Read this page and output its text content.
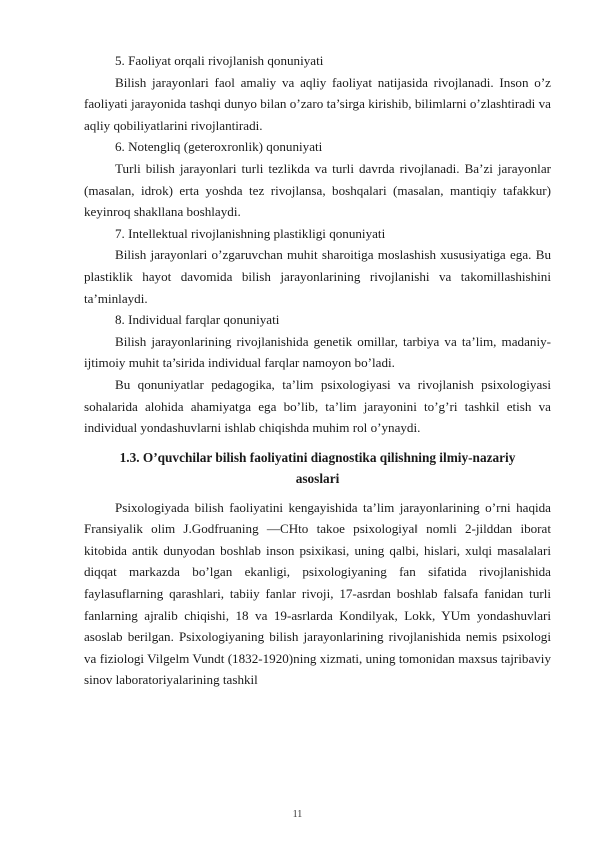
5. Faoliyat orqali rivojlanish qonuniyati

Bilish jarayonlari faol amaliy va aqliy faoliyat natijasida rivojlanadi. Inson o’z faoliyati jarayonida tashqi dunyo bilan o’zaro ta’sirga kirishib, bilimlarni o’zlashtiradi va aqliy qobiliyatlarini rivojlantiradi.

6. Notengliq (geteroxronlik) qonuniyati

Turli bilish jarayonlari turli tezlikda va turli davrda rivojlanadi. Ba’zi jarayonlar (masalan, idrok) erta yoshda tez rivojlansa, boshqalari (masalan, mantiqiy tafakkur) keyinroq shakllana boshlaydi.

7. Intellektual rivojlanishning plastikligi qonuniyati

Bilish jarayonlari o’zgaruvchan muhit sharoitiga moslashish xususiyatiga ega. Bu plastiklik hayot davomida bilish jarayonlarining rivojlanishi va takomillashishini ta’minlaydi.

8. Individual farqlar qonuniyati

Bilish jarayonlarining rivojlanishida genetik omillar, tarbiya va ta’lim, madaniy-ijtimoiy muhit ta’sirida individual farqlar namoyon bo’ladi.

Bu qonuniyatlar pedagogika, ta’lim psixologiyasi va rivojlanish psixologiyasi sohalarida alohida ahamiyatga ega bo’lib, ta’lim jarayonini to’g’ri tashkil etish va individual yondashuvlarni ishlab chiqishda muhim rol o’ynaydi.

1.3. O’quvchilar bilish faoliyatini diagnostika qilishning ilmiy-nazariy
asoslari

Psixologiyada bilish faoliyatini kengayishida ta’lim jarayonlarining o’rni haqida Fransiyalik olim J.Godfruaning ―CHto takoe psixologiya‖ nomli 2-jilddan iborat kitobida antik dunyodan boshlab inson psixikasi, uning qalbi, hislari, xulqi masalalari diqqat markazda bo’lgan ekanligi, psixologiyaning fan sifatida rivojlanishida faylasuflarning qarashlari, tabiiy fanlar rivoji, 17-asrdan boshlab falsafa fanidan turli fanlarning ajralib chiqishi, 18 va 19-asrlarda Kondilyak, Lokk, YUm yondashuvlari asoslab berilgan. Psixologiyaning bilish jarayonlarining rivojlanishida nemis psixologi va fiziologi Vilgelm Vundt (1832-1920)ning xizmati, uning tomonidan maxsus tajribaviy sinov laboratoriyalarining tashkil

11
